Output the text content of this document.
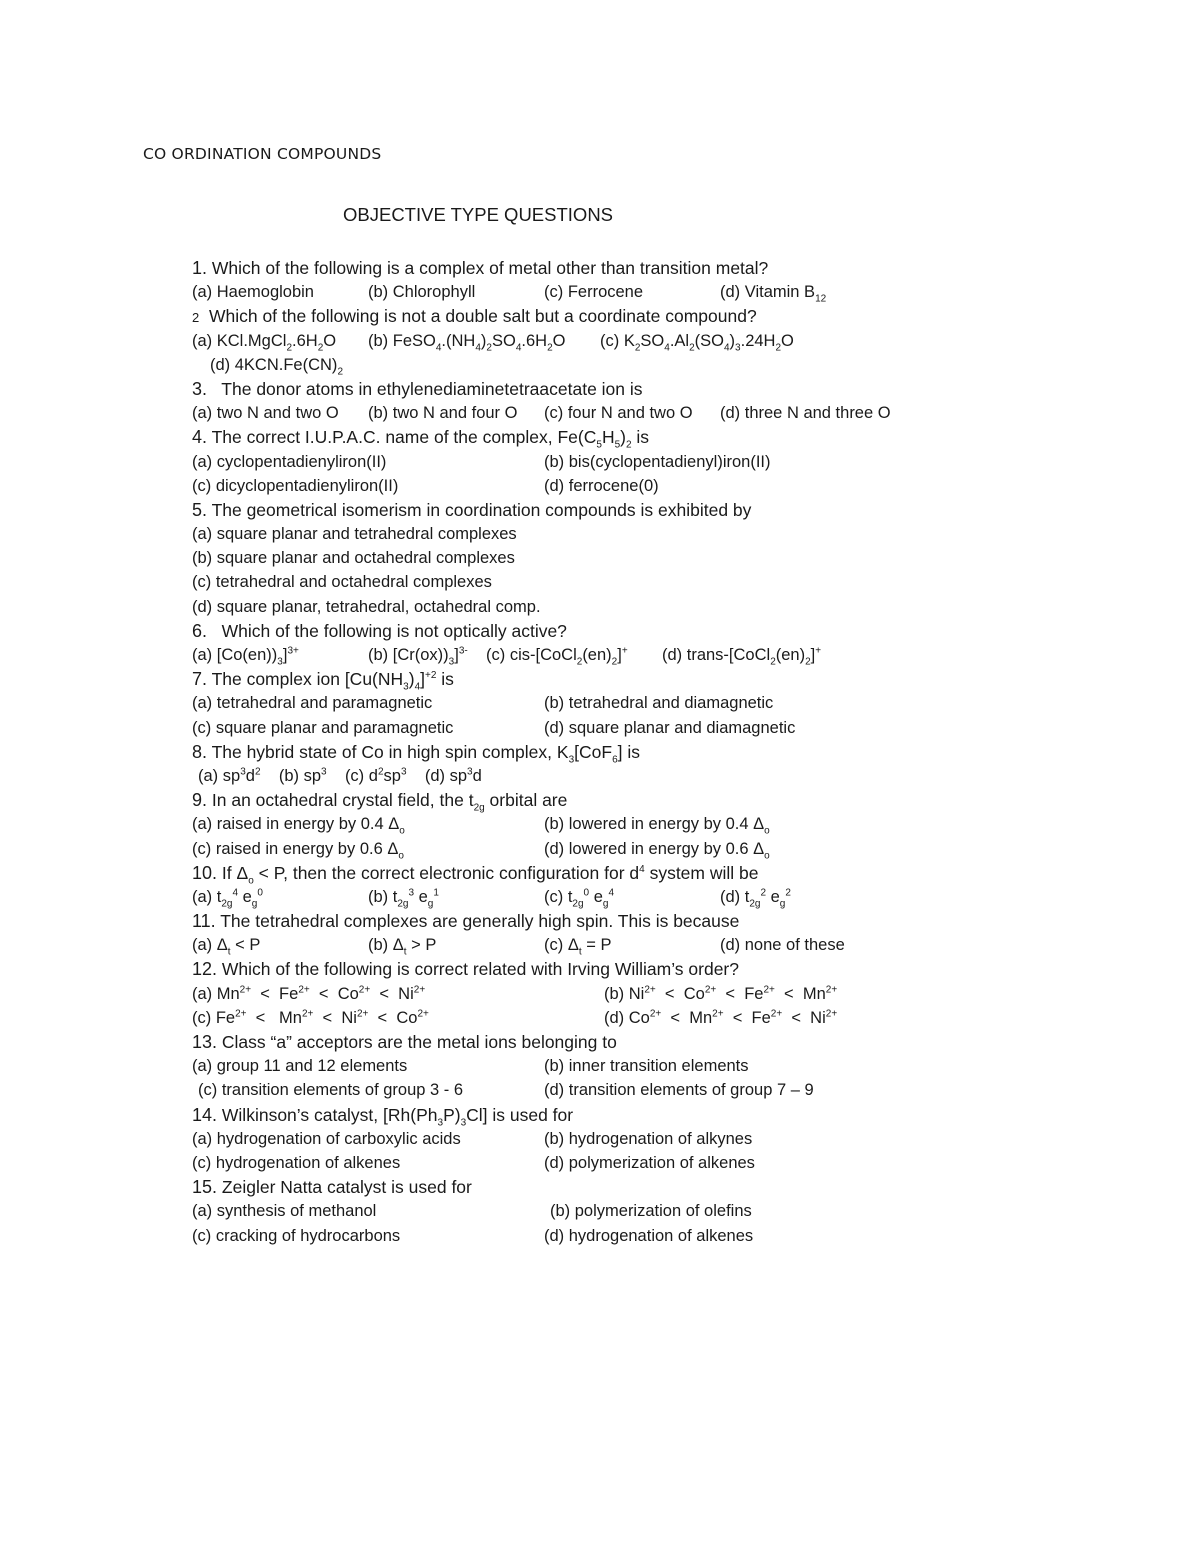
CO ORDINATION COMPOUNDS
OBJECTIVE TYPE QUESTIONS
1. Which of the following is a complex of metal other than transition metal?
(a) Haemoglobin	(b) Chlorophyll	(c) Ferrocene	(d) Vitamin $B_{12}$
2 Which of the following is not a double salt but a coordinate compound?
(a) $KCl.MgCl_2.6H_2O$ (b) $FeSO_4.(NH_4)_2SO_4.6H_2O$ (c) $K_2SO_4.Al_2(SO_4)_3.24H_2O$
(d) $4KCN.Fe(CN)_2$
3. The donor atoms in ethylenediaminetetraacetate ion is
(a) two N and two O (b) two N and four O (c) four N and two O (d) three N and three O
4. The correct I.U.P.A.C. name of the complex, $Fe(C_5H_5)_2$ is
(a) cyclopentadienyliron(II)	(b) bis(cyclopentadienyl)iron(II)
(c) dicyclopentadienyliron(II)	(d) ferrocene(0)
5. The geometrical isomerism in coordination compounds is exhibited by
(a) square planar and tetrahedral complexes
(b) square planar and octahedral complexes
(c) tetrahedral and octahedral complexes
(d) square planar, tetrahedral, octahedral comp.
6. Which of the following is not optically active?
(a) $[Co(en))_3]^{3+}$	(b) $[Cr(ox))_3]^{3-}$ (c) cis-$[CoCl_2(en)_2]^+$ (d) trans-$[CoCl_2(en)_2]^+$
7. The complex ion $[Cu(NH_3)_4]^{+2}$ is
(a) tetrahedral and paramagnetic	(b) tetrahedral and diamagnetic
(c) square planar and paramagnetic	(d) square planar and diamagnetic
8. The hybrid state of Co in high spin complex, $K_3[CoF_6]$ is
(a) $sp^3d^2$ (b) $sp^3$ (c) $d^2sp^3$ (d) $sp^3d$
9. In an octahedral crystal field, the $t_{2g}$ orbital are
(a) raised in energy by 0.4 $\Delta_o$	(b) lowered in energy by 0.4 $\Delta_o$
(c) raised in energy by 0.6 $\Delta_o$	(d) lowered in energy by 0.6 $\Delta_o$
10. If $\Delta_o < P$, then the correct electronic configuration for $d^4$ system will be
(a) $t_{2g}^4$ $e_g^0$	(b) $t_{2g}^3$ $e_g^1$	(c) $t_{2g}^0$ $e_g^4$	(d) $t_{2g}^2$ $e_g^2$
11. The tetrahedral complexes are generally high spin. This is because
(a) $\Delta_t < P$	(b) $\Delta_t > P$	(c) $\Delta_t = P$	(d) none of these
12. Which of the following is correct related with Irving William’s order?
(a) $Mn^{2+} < Fe^{2+} < Co^{2+} < Ni^{2+}$	(b) $Ni^{2+} < Co^{2+} < Fe^{2+} < Mn^{2+}$
(c) $Fe^{2+} < Mn^{2+} < Ni^{2+} < Co^{2+}$	(d) $Co^{2+} < Mn^{2+} < Fe^{2+} < Ni^{2+}$
13. Class “a” acceptors are the metal ions belonging to
(a) group 11 and 12 elements	(b) inner transition elements
(c) transition elements of group 3 - 6	(d) transition elements of group 7 – 9
14. Wilkinson’s catalyst, $[Rh(Ph_3P)_3Cl]$ is used for
(a) hydrogenation of carboxylic acids	(b) hydrogenation of alkynes
(c) hydrogenation of alkenes	(d) polymerization of alkenes
15. Zeigler Natta catalyst is used for
(a) synthesis of methanol	(b) polymerization of olefins
(c) cracking of hydrocarbons	(d) hydrogenation of alkenes
